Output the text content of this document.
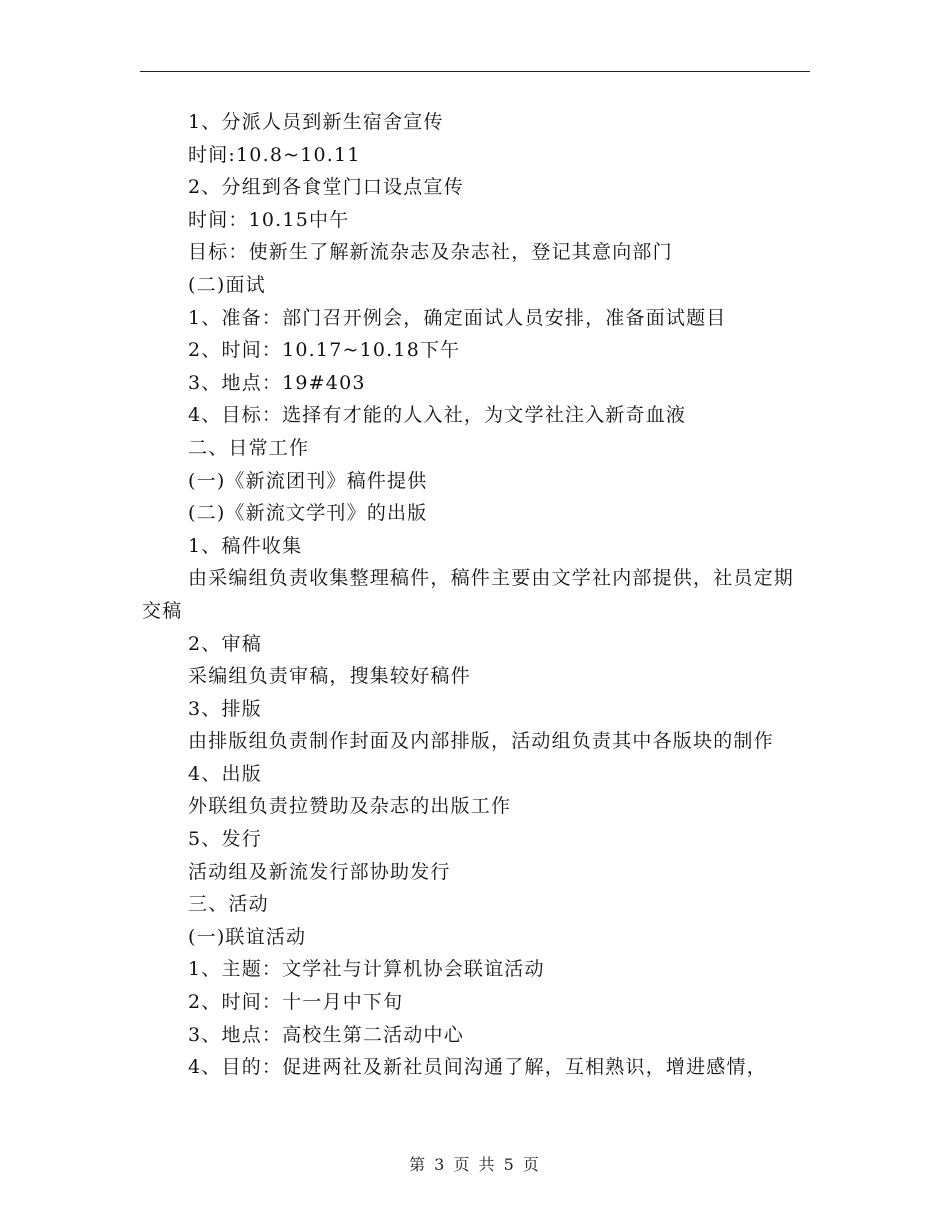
1、分派人员到新生宿舍宣传

时间:10.8~10.11

2、分组到各食堂门口设点宣传

时间：10.15中午

目标：使新生了解新流杂志及杂志社，登记其意向部门

(二)面试

1、准备：部门召开例会，确定面试人员安排，准备面试题目

2、时间：10.17~10.18下午

3、地点：19#403

4、目标：选择有才能的人入社，为文学社注入新奇血液

二、日常工作

(一)《新流团刊》稿件提供

(二)《新流文学刊》的出版

1、稿件收集

由采编组负责收集整理稿件，稿件主要由文学社内部提供，社员定期交稿

2、审稿

采编组负责审稿，搜集较好稿件

3、排版

由排版组负责制作封面及内部排版，活动组负责其中各版块的制作

4、出版

外联组负责拉赞助及杂志的出版工作

5、发行

活动组及新流发行部协助发行

三、活动

(一)联谊活动

1、主题：文学社与计算机协会联谊活动

2、时间：十一月中下旬

3、地点：高校生第二活动中心

4、目的：促进两社及新社员间沟通了解，互相熟识，增进感情，

第 3 页 共 5 页
